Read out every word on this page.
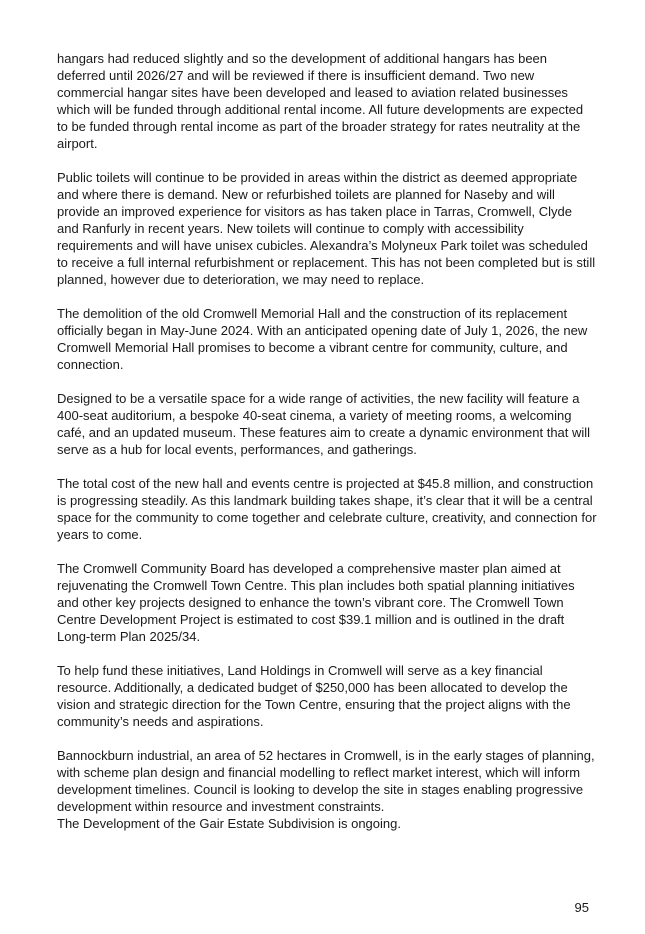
hangars had reduced slightly and so the development of additional hangars has been deferred until 2026/27 and will be reviewed if there is insufficient demand. Two new commercial hangar sites have been developed and leased to aviation related businesses which will be funded through additional rental income. All future developments are expected to be funded through rental income as part of the broader strategy for rates neutrality at the airport.

Public toilets will continue to be provided in areas within the district as deemed appropriate and where there is demand. New or refurbished toilets are planned for Naseby and will provide an improved experience for visitors as has taken place in Tarras, Cromwell, Clyde and Ranfurly in recent years. New toilets will continue to comply with accessibility requirements and will have unisex cubicles. Alexandra’s Molyneux Park toilet was scheduled to receive a full internal refurbishment or replacement. This has not been completed but is still planned, however due to deterioration, we may need to replace.

The demolition of the old Cromwell Memorial Hall and the construction of its replacement officially began in May-June 2024. With an anticipated opening date of July 1, 2026, the new Cromwell Memorial Hall promises to become a vibrant centre for community, culture, and connection.

Designed to be a versatile space for a wide range of activities, the new facility will feature a 400-seat auditorium, a bespoke 40-seat cinema, a variety of meeting rooms, a welcoming café, and an updated museum. These features aim to create a dynamic environment that will serve as a hub for local events, performances, and gatherings.

The total cost of the new hall and events centre is projected at $45.8 million, and construction is progressing steadily. As this landmark building takes shape, it’s clear that it will be a central space for the community to come together and celebrate culture, creativity, and connection for years to come.

The Cromwell Community Board has developed a comprehensive master plan aimed at rejuvenating the Cromwell Town Centre. This plan includes both spatial planning initiatives and other key projects designed to enhance the town’s vibrant core. The Cromwell Town Centre Development Project is estimated to cost $39.1 million and is outlined in the draft Long-term Plan 2025/34.

To help fund these initiatives, Land Holdings in Cromwell will serve as a key financial resource. Additionally, a dedicated budget of $250,000 has been allocated to develop the vision and strategic direction for the Town Centre, ensuring that the project aligns with the community’s needs and aspirations.

Bannockburn industrial, an area of 52 hectares in Cromwell, is in the early stages of planning, with scheme plan design and financial modelling to reflect market interest, which will inform development timelines. Council is looking to develop the site in stages enabling progressive development within resource and investment constraints.

The Development of the Gair Estate Subdivision is ongoing.

95
